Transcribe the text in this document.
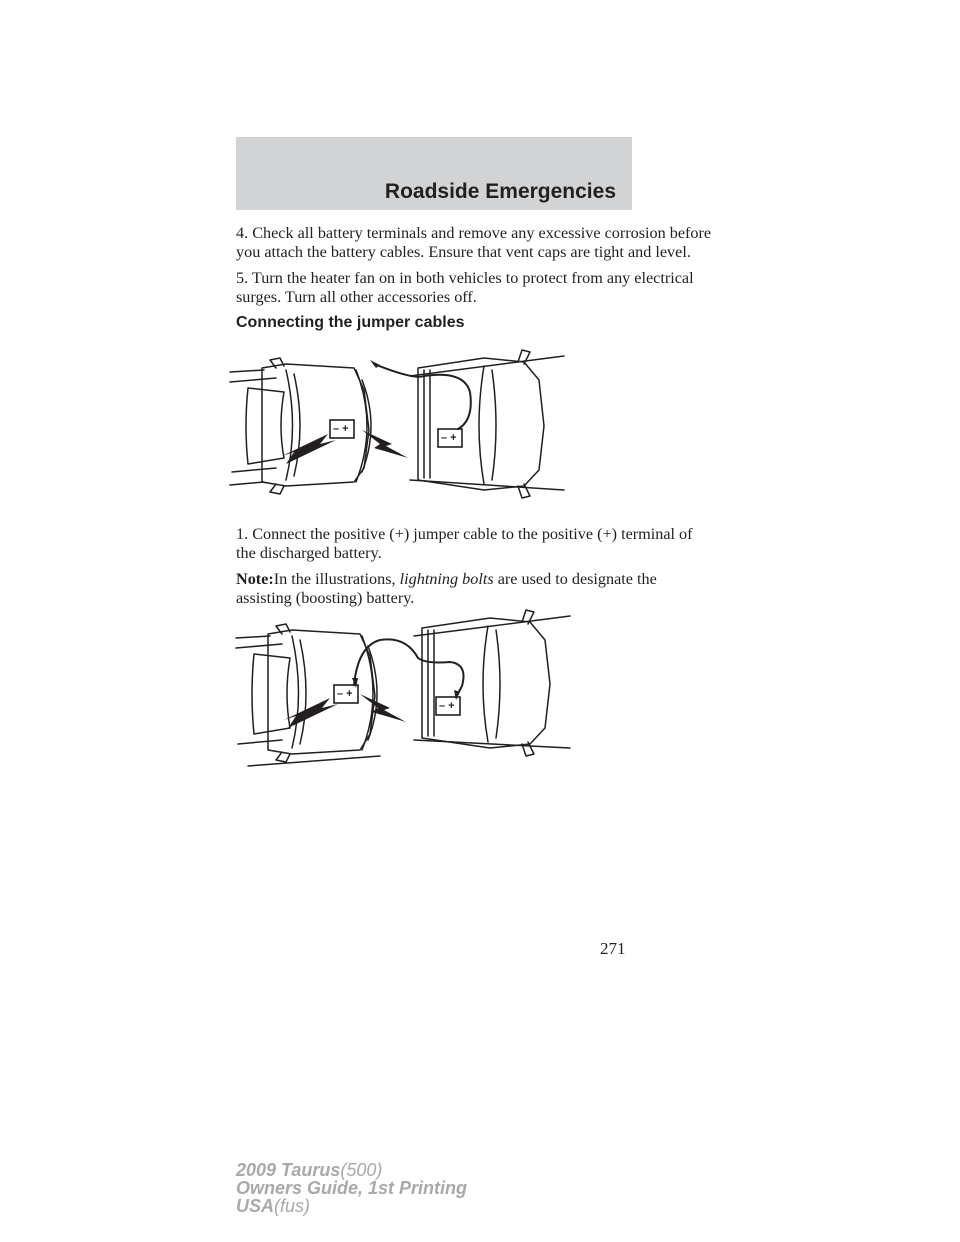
Roadside Emergencies

4. Check all battery terminals and remove any excessive corrosion before
you attach the battery cables. Ensure that vent caps are tight and level.

5. Turn the heater fan on in both vehicles to protect from any electrical
surges. Turn all other accessories off.

Connecting the jumper cables
– +
– +

1. Connect the positive (+) jumper cable to the positive (+) terminal of
the discharged battery.

Note:In the illustrations, lightning bolts are used to designate the
assisting (boosting) battery.

– +
– +
271
2009 Taurus(500)
Owners Guide, 1st Printing
USA(fus)
